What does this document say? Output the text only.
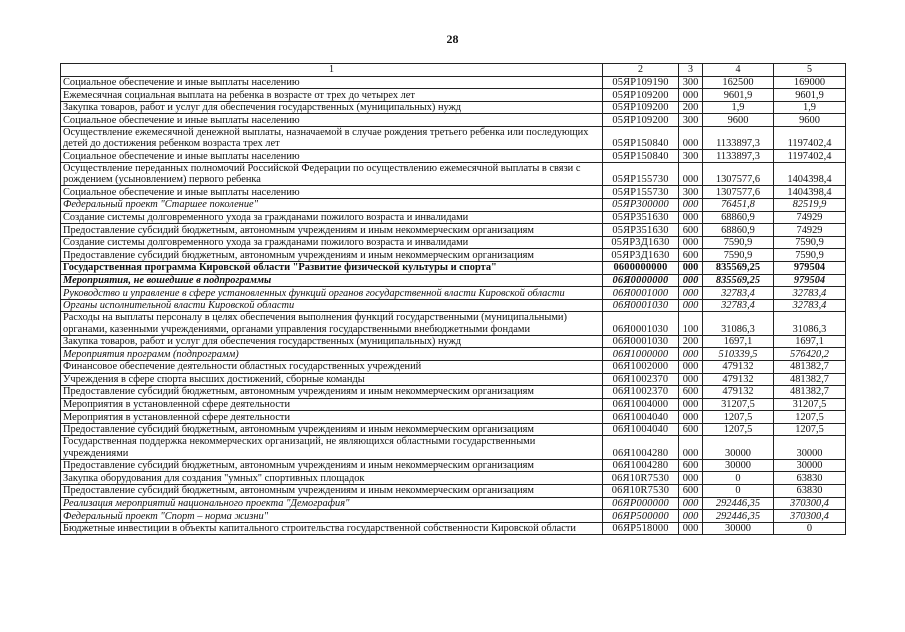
28
1	2	3	4	5
Социальное обеспечение и иные выплаты населению	05ЯР109190	300	162500	169000
Ежемесячная социальная выплата на ребенка в возрасте от трех до четырех лет	05ЯР109200	000	9601,9	9601,9
Закупка товаров, работ и услуг для обеспечения государственных (муниципальных) нужд	05ЯР109200	200	1,9	1,9
Социальное обеспечение и иные выплаты населению	05ЯР109200	300	9600	9600
Осуществление ежемесячной денежной выплаты, назначаемой в случае рождения третьего ребенка или последующих детей до достижения ребенком возраста трех лет	05ЯР150840	000	1133897,3	1197402,4
Социальное обеспечение и иные выплаты населению	05ЯР150840	300	1133897,3	1197402,4
Осуществление переданных полномочий Российской Федерации по осуществлению ежемесячной выплаты в связи с рождением (усыновлением) первого ребенка	05ЯР155730	000	1307577,6	1404398,4
Социальное обеспечение и иные выплаты населению	05ЯР155730	300	1307577,6	1404398,4
Федеральный проект "Старшее поколение"	05ЯР300000	000	76451,8	82519,9
Создание системы долговременного ухода за гражданами пожилого возраста и инвалидами	05ЯР351630	000	68860,9	74929
Предоставление субсидий бюджетным, автономным учреждениям и иным некоммерческим организациям	05ЯР351630	600	68860,9	74929
Создание системы долговременного ухода за гражданами пожилого возраста и инвалидами	05ЯР3Д1630	000	7590,9	7590,9
Предоставление субсидий бюджетным, автономным учреждениям и иным некоммерческим организациям	05ЯР3Д1630	600	7590,9	7590,9
Государственная программа Кировской области "Развитие физической культуры и спорта"	0600000000	000	835569,25	979504
Мероприятия, не вошедшие в подпрограммы	06Я0000000	000	835569,25	979504
Руководство и управление в сфере установленных функций органов государственной власти Кировской области	06Я0001000	000	32783,4	32783,4
Органы исполнительной власти Кировской области	06Я0001030	000	32783,4	32783,4
Расходы на выплаты персоналу в целях обеспечения выполнения функций государственными (муниципальными) органами, казенными учреждениями, органами управления государственными внебюджетными фондами	06Я0001030	100	31086,3	31086,3
Закупка товаров, работ и услуг для обеспечения государственных (муниципальных) нужд	06Я0001030	200	1697,1	1697,1
Мероприятия программ (подпрограмм)	06Я1000000	000	510339,5	576420,2
Финансовое обеспечение деятельности областных государственных учреждений	06Я1002000	000	479132	481382,7
Учреждения в сфере спорта высших достижений, сборные команды	06Я1002370	000	479132	481382,7
Предоставление субсидий бюджетным, автономным учреждениям и иным некоммерческим организациям	06Я1002370	600	479132	481382,7
Мероприятия в установленной сфере деятельности	06Я1004000	000	31207,5	31207,5
Мероприятия в установленной сфере деятельности	06Я1004040	000	1207,5	1207,5
Предоставление субсидий бюджетным, автономным учреждениям и иным некоммерческим организациям	06Я1004040	600	1207,5	1207,5
Государственная поддержка некоммерческих организаций, не являющихся областными государственными учреждениями	06Я1004280	000	30000	30000
Предоставление субсидий бюджетным, автономным учреждениям и иным некоммерческим организациям	06Я1004280	600	30000	30000
Закупка оборудования для создания "умных" спортивных площадок	06Я10R7530	000	0	63830
Предоставление субсидий бюджетным, автономным учреждениям и иным некоммерческим организациям	06Я10R7530	600	0	63830
Реализация мероприятий национального проекта "Демография"	06ЯР000000	000	292446,35	370300,4
Федеральный проект "Спорт – норма жизни"	06ЯР500000	000	292446,35	370300,4
Бюджетные инвестиции в объекты капитального строительства государственной собственности Кировской области	06ЯР518000	000	30000	0
